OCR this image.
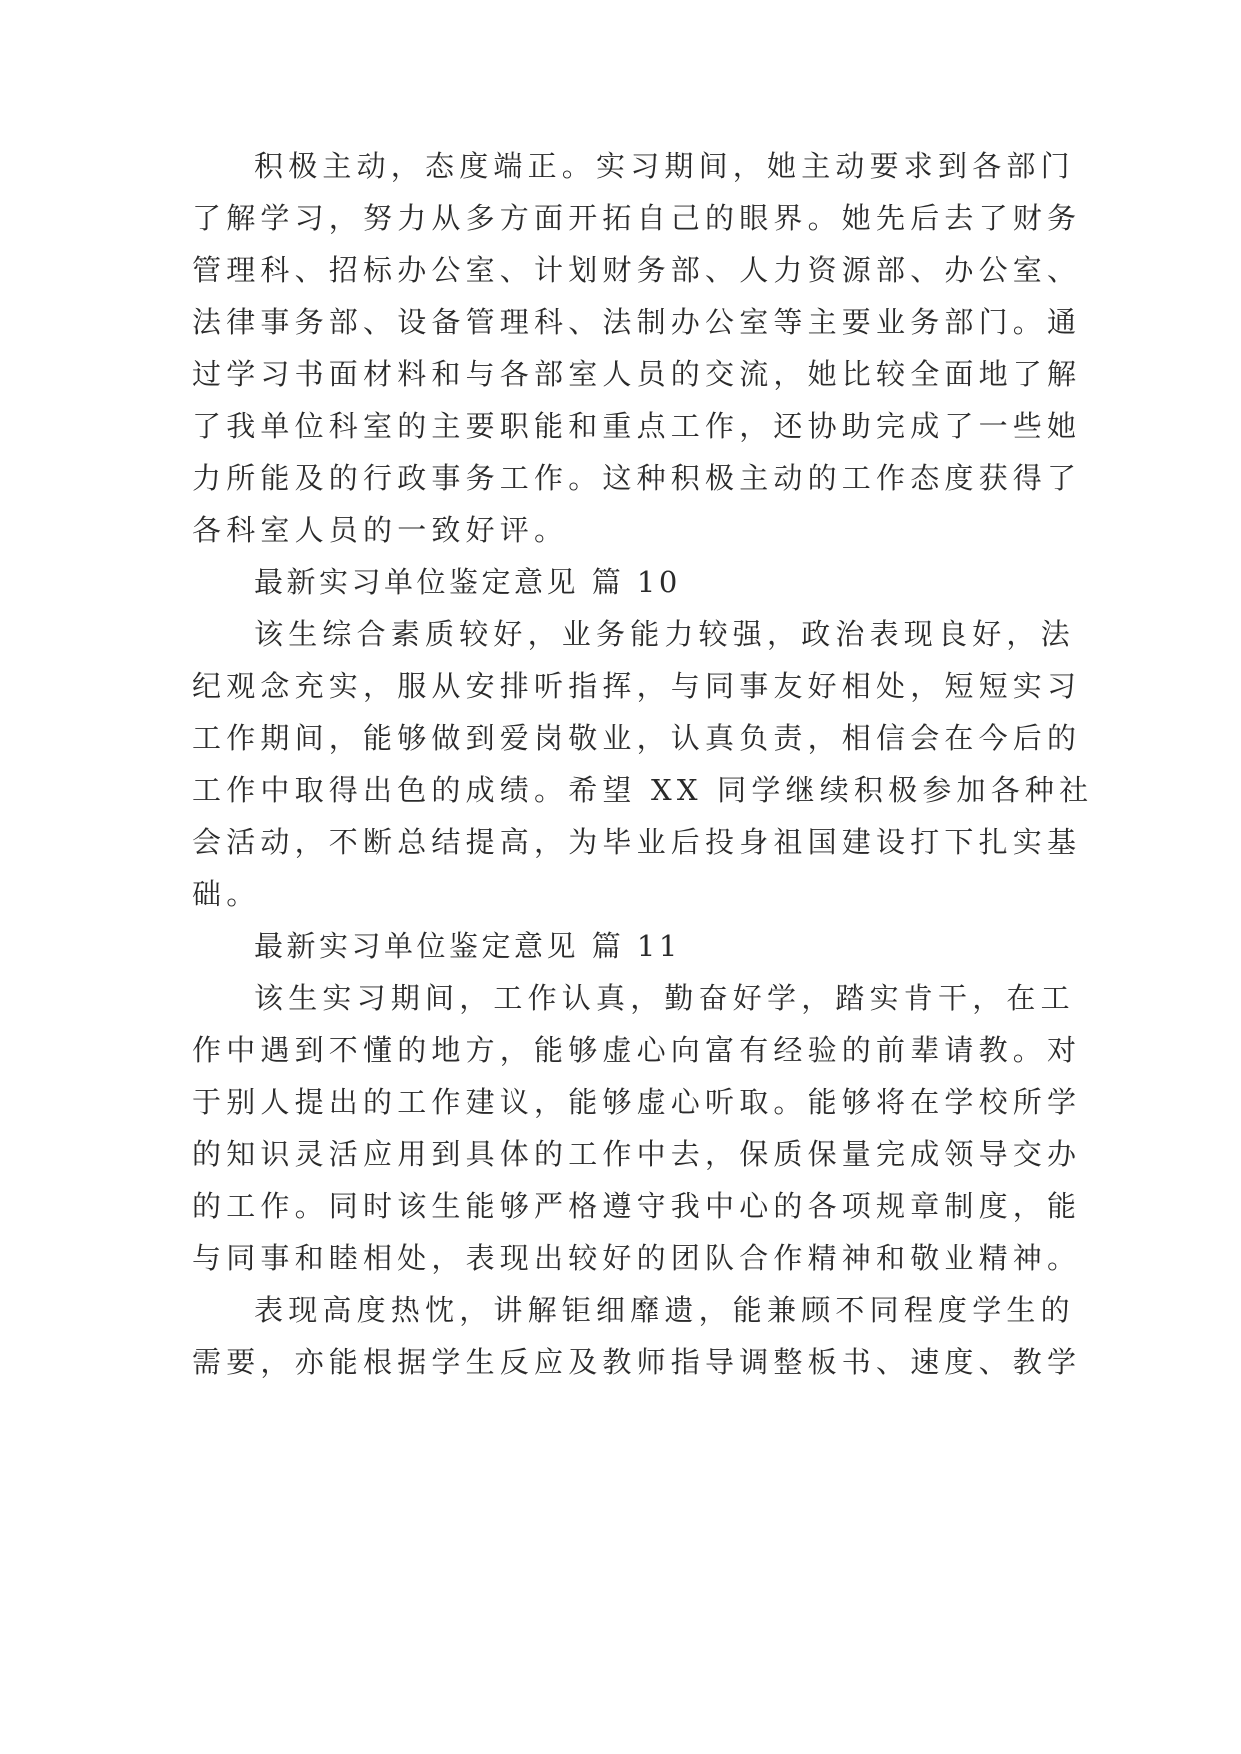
积极主动，态度端正。实习期间，她主动要求到各部门
了解学习，努力从多方面开拓自己的眼界。她先后去了财务
管理科、招标办公室、计划财务部、人力资源部、办公室、
法律事务部、设备管理科、法制办公室等主要业务部门。通
过学习书面材料和与各部室人员的交流，她比较全面地了解
了我单位科室的主要职能和重点工作，还协助完成了一些她
力所能及的行政事务工作。这种积极主动的工作态度获得了
各科室人员的一致好评。
最新实习单位鉴定意见 篇 10
该生综合素质较好，业务能力较强，政治表现良好，法
纪观念充实，服从安排听指挥，与同事友好相处，短短实习
工作期间，能够做到爱岗敬业，认真负责，相信会在今后的
工作中取得出色的成绩。希望 XX 同学继续积极参加各种社
会活动，不断总结提高，为毕业后投身祖国建设打下扎实基
础。
最新实习单位鉴定意见 篇 11
该生实习期间，工作认真，勤奋好学，踏实肯干，在工
作中遇到不懂的地方，能够虚心向富有经验的前辈请教。对
于别人提出的工作建议，能够虚心听取。能够将在学校所学
的知识灵活应用到具体的工作中去，保质保量完成领导交办
的工作。同时该生能够严格遵守我中心的各项规章制度，能
与同事和睦相处，表现出较好的团队合作精神和敬业精神。
表现高度热忱，讲解钜细靡遗，能兼顾不同程度学生的
需要，亦能根据学生反应及教师指导调整板书、速度、教学
